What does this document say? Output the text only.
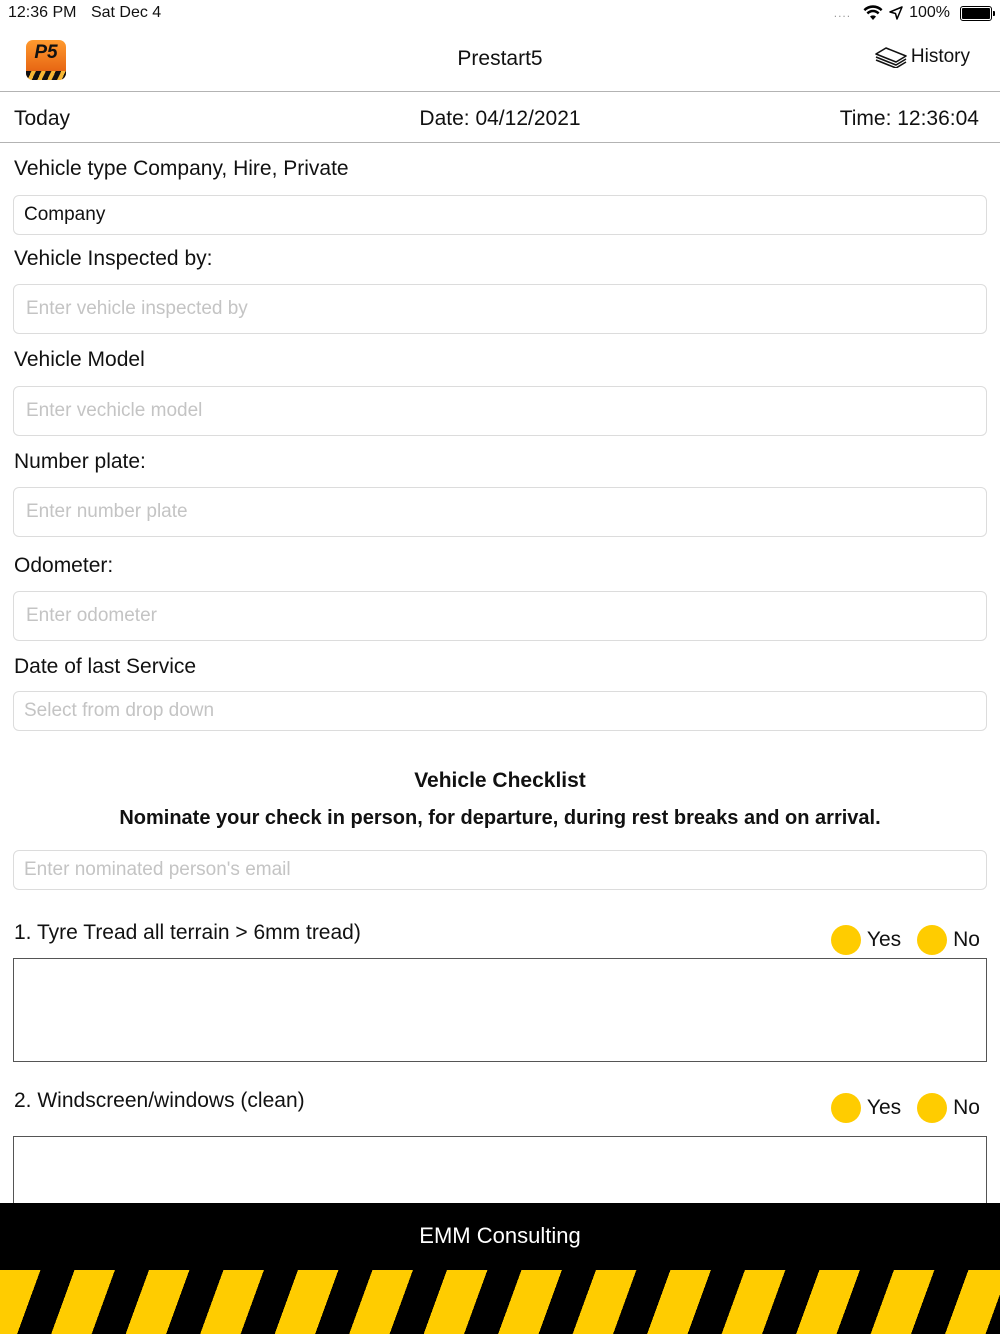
12:36 PM Sat Dec 4	....	100%
P5	Prestart5	History
Today	Date: 04/12/2021	Time: 12:36:04
Vehicle type Company, Hire, Private
Company
Vehicle Inspected by:
Enter vehicle inspected by
Vehicle Model
Enter vechicle model
Number plate:
Enter number plate
Odometer:
Enter odometer
Date of last Service
Select from drop down
Vehicle Checklist
Nominate your check in person, for departure, during rest breaks and on arrival.
Enter nominated person's email
1. Tyre Tread all terrain > 6mm tread)	Yes No
2. Windscreen/windows (clean)	Yes No
EMM Consulting
